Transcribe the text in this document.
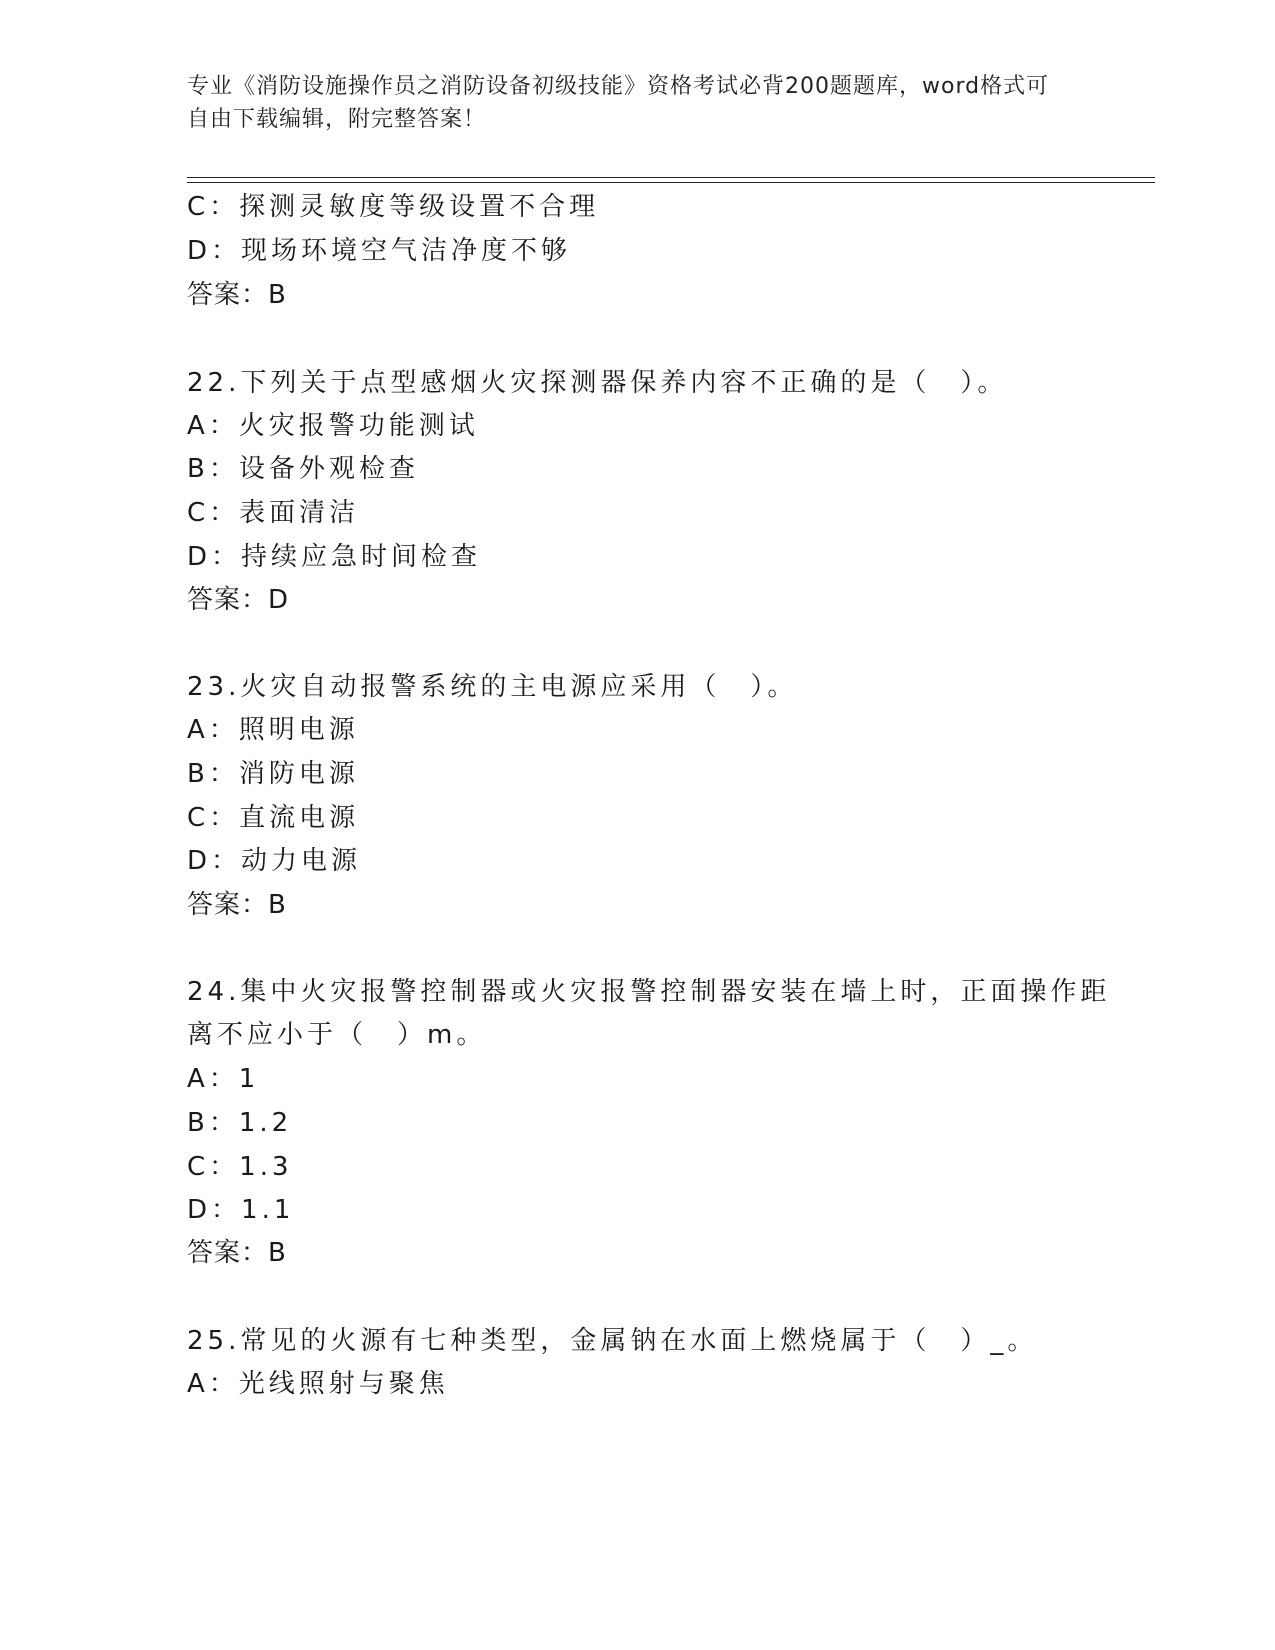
专业《消防设施操作员之消防设备初级技能》资格考试必背200题题库，word格式可自由下载编辑，附完整答案！
C：探测灵敏度等级设置不合理
D：现场环境空气洁净度不够
答案：B
22.下列关于点型感烟火灾探测器保养内容不正确的是（　）。
A：火灾报警功能测试
B：设备外观检查
C：表面清洁
D：持续应急时间检查
答案：D
23.火灾自动报警系统的主电源应采用（　）。
A：照明电源
B：消防电源
C：直流电源
D：动力电源
答案：B
24.集中火灾报警控制器或火灾报警控制器安装在墙上时，正面操作距
离不应小于（　）m。
A：1
B：1.2
C：1.3
D：1.1
答案：B
25.常见的火源有七种类型，金属钠在水面上燃烧属于（　）_。
A：光线照射与聚焦
